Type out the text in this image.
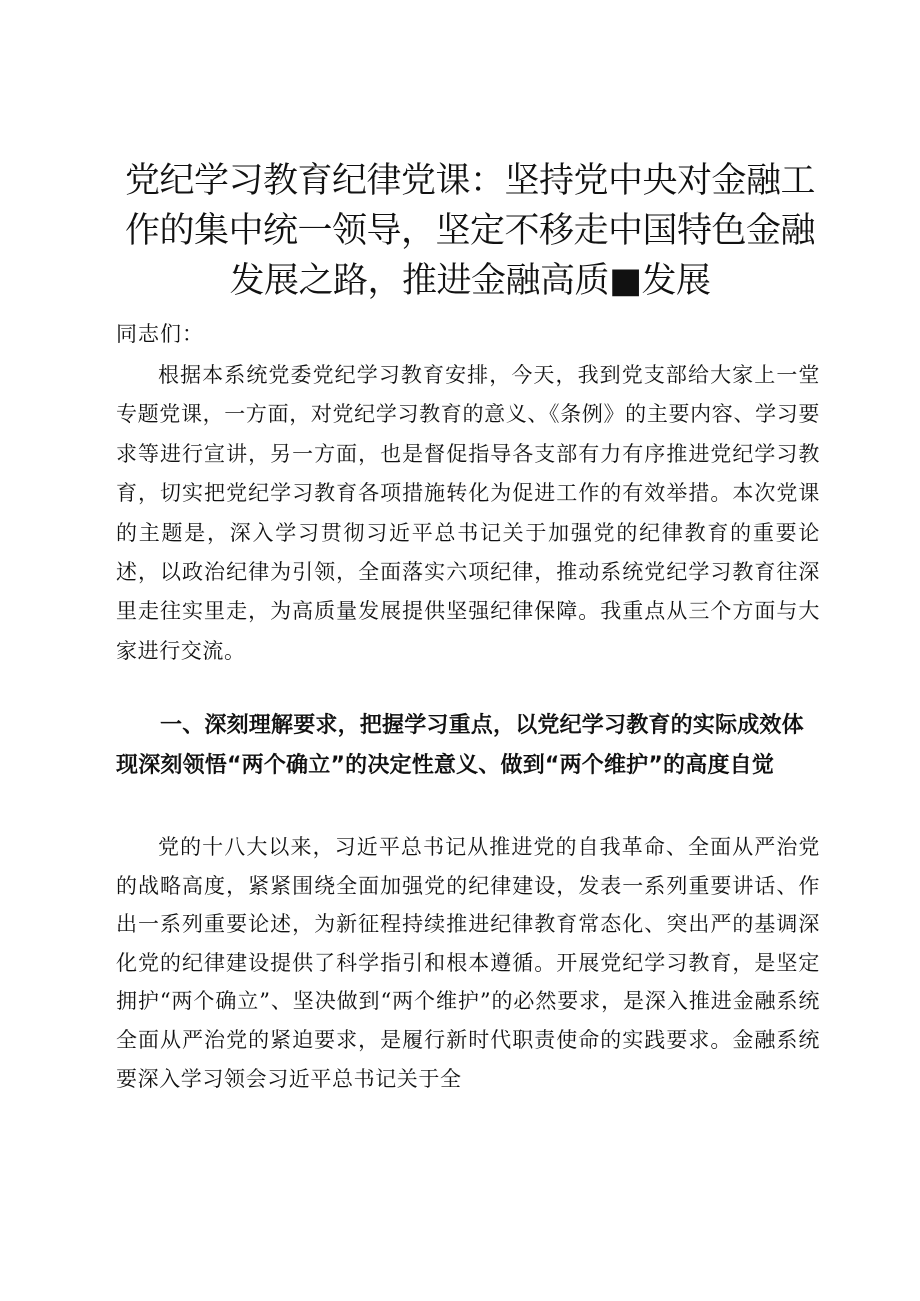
党纪学习教育纪律党课：坚持党中央对金融工作的集中统一领导，坚定不移走中国特色金融发展之路，推进金融高质■发展

同志们：

根据本系统党委党纪学习教育安排，今天，我到党支部给大家上一堂专题党课，一方面，对党纪学习教育的意义、《条例》的主要内容、学习要求等进行宣讲，另一方面，也是督促指导各支部有力有序推进党纪学习教育，切实把党纪学习教育各项措施转化为促进工作的有效举措。本次党课的主题是，深入学习贯彻习近平总书记关于加强党的纪律教育的重要论述，以政治纪律为引领，全面落实六项纪律，推动系统党纪学习教育往深里走往实里走，为高质量发展提供坚强纪律保障。我重点从三个方面与大家进行交流。

一、深刻理解要求，把握学习重点，以党纪学习教育的实际成效体现深刻领悟“两个确立”的决定性意义、做到“两个维护”的高度自觉

党的十八大以来，习近平总书记从推进党的自我革命、全面从严治党的战略高度，紧紧围绕全面加强党的纪律建设，发表一系列重要讲话、作出一系列重要论述，为新征程持续推进纪律教育常态化、突出严的基调深化党的纪律建设提供了科学指引和根本遵循。开展党纪学习教育，是坚定拥护“两个确立”、坚决做到“两个维护”的必然要求，是深入推进金融系统全面从严治党的紧迫要求，是履行新时代职责使命的实践要求。金融系统要深入学习领会习近平总书记关于全
